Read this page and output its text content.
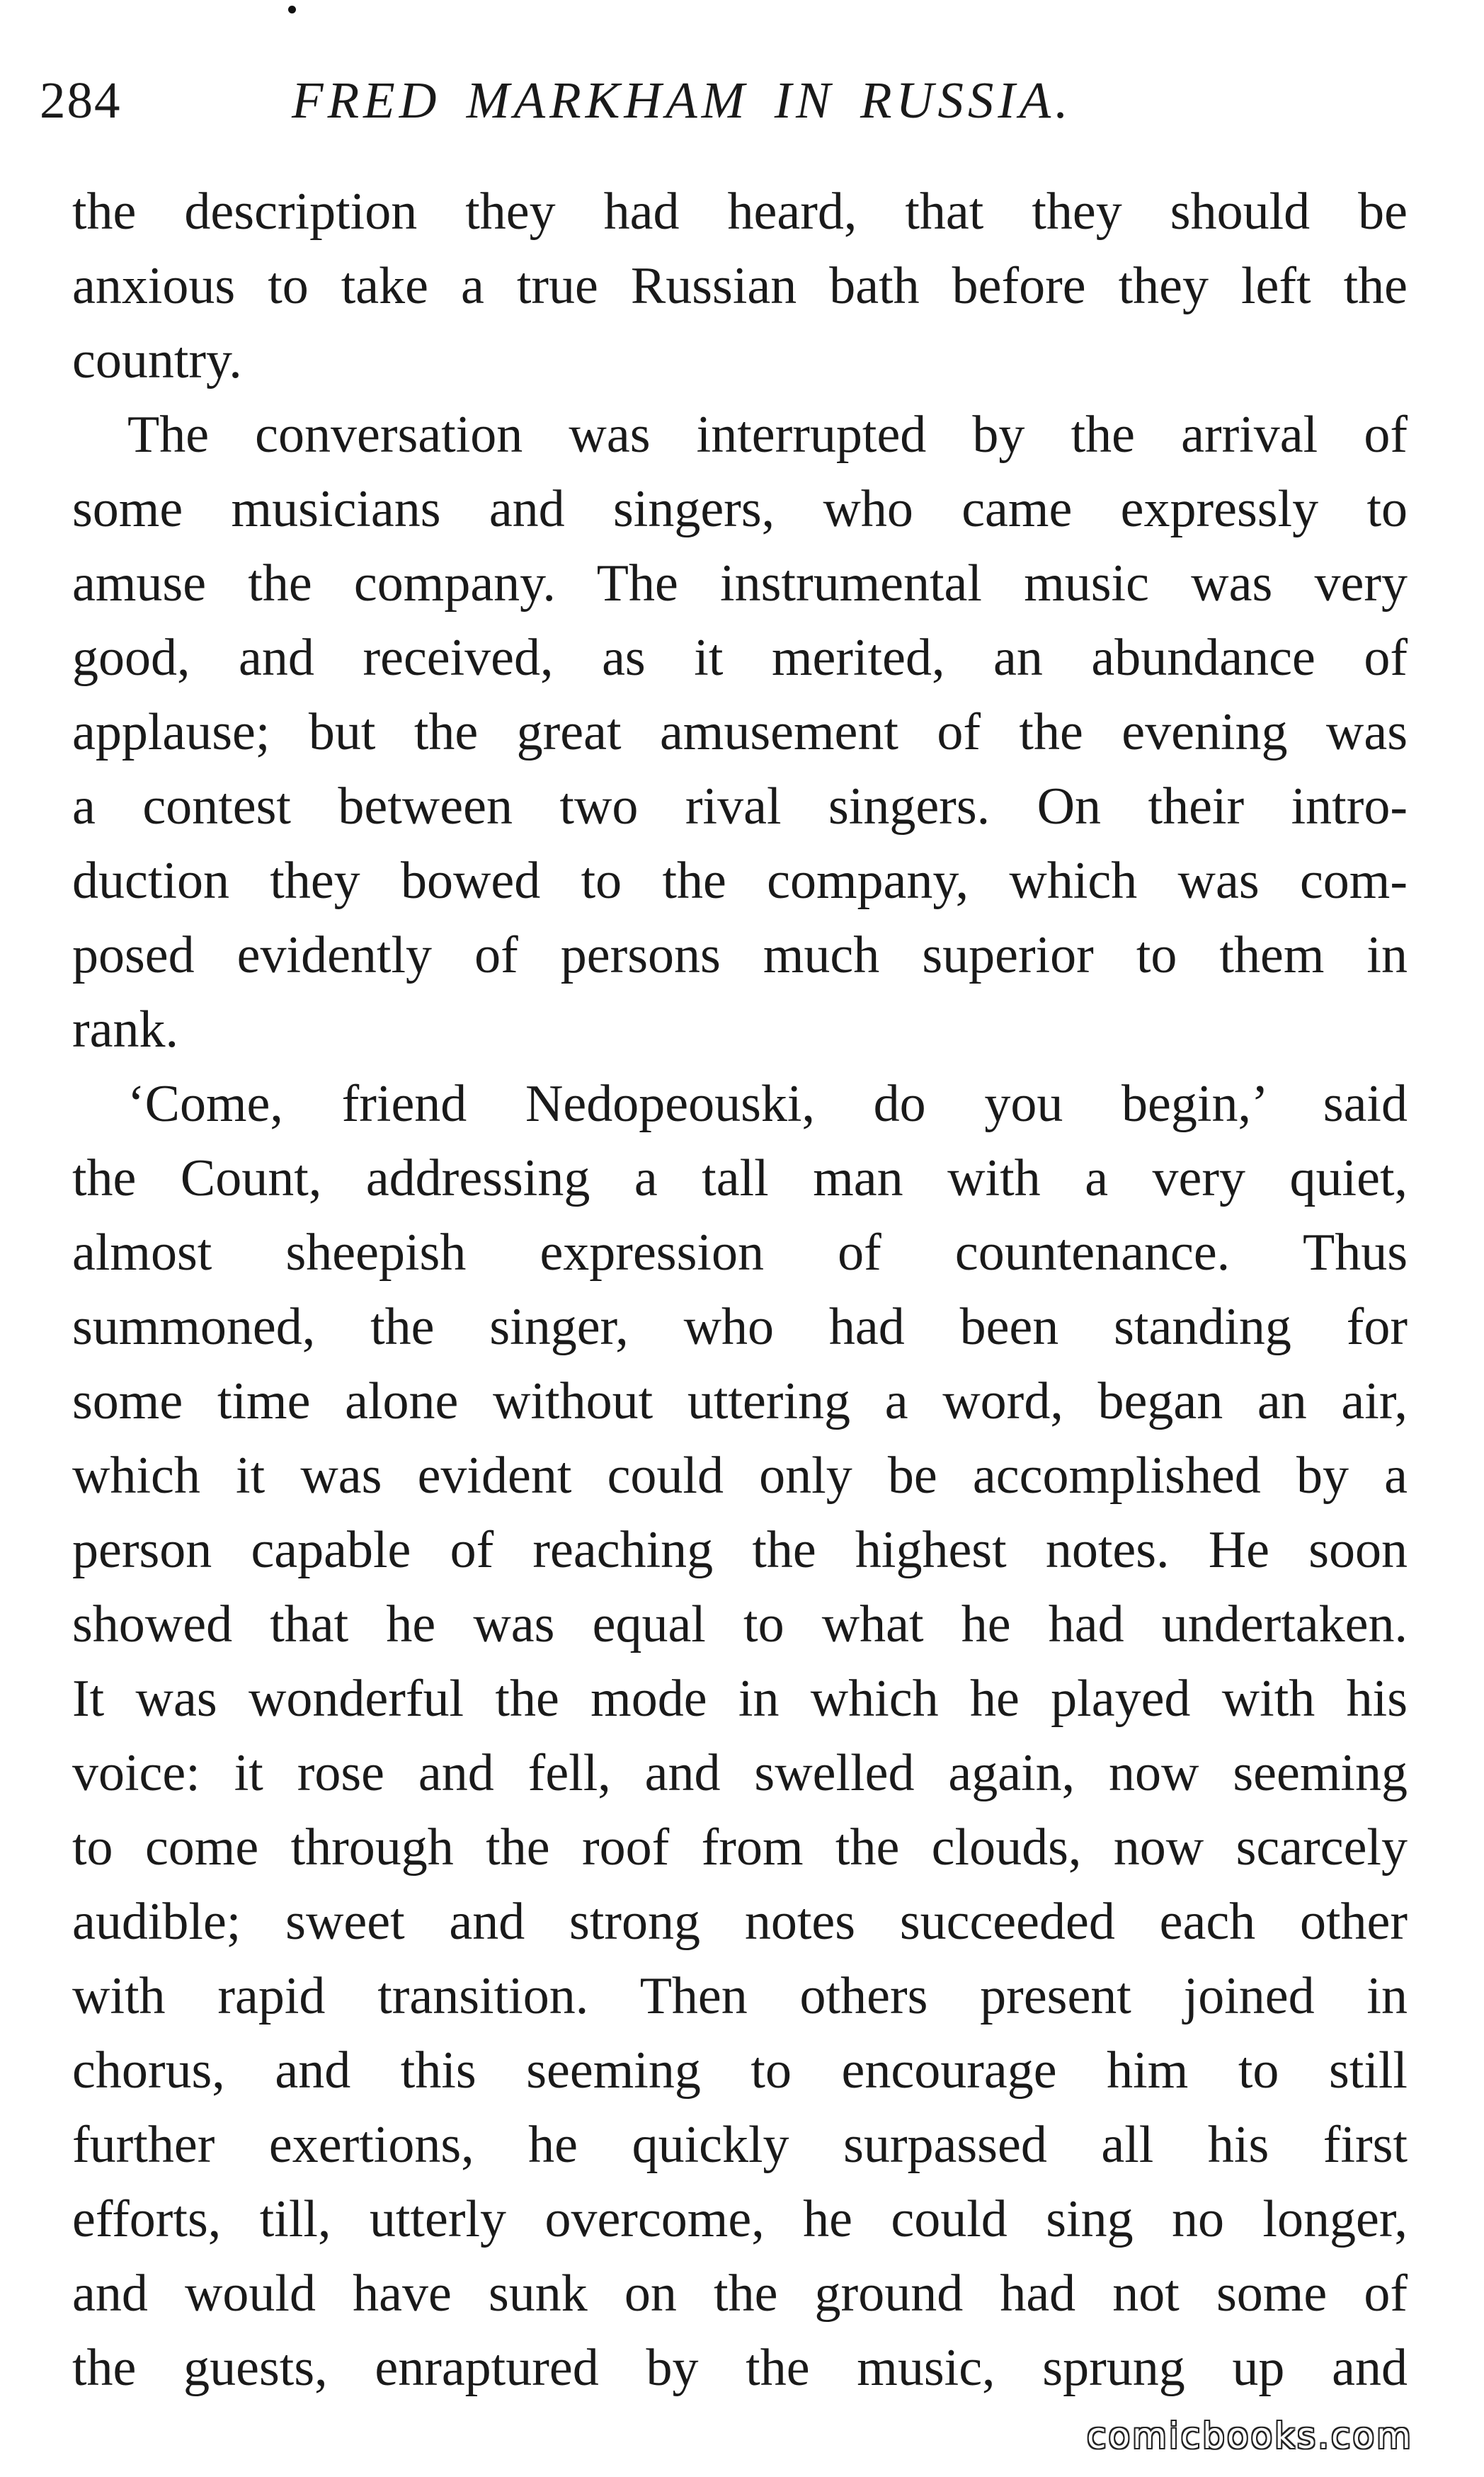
284	FRED MARKHAM IN RUSSIA.
the description they had heard, that they should be
anxious to take a true Russian bath before they left the
country.
The conversation was interrupted by the arrival of
some musicians and singers, who came expressly to
amuse the company. The instrumental music was very
good, and received, as it merited, an abundance of
applause; but the great amusement of the evening was
a contest between two rival singers. On their intro-
duction they bowed to the company, which was com-
posed evidently of persons much superior to them in
rank.
‘Come, friend Nedopeouski, do you begin,’ said
the Count, addressing a tall man with a very quiet,
almost sheepish expression of countenance. Thus
summoned, the singer, who had been standing for
some time alone without uttering a word, began an air,
which it was evident could only be accomplished by a
person capable of reaching the highest notes. He soon
showed that he was equal to what he had undertaken.
It was wonderful the mode in which he played with his
voice: it rose and fell, and swelled again, now seeming
to come through the roof from the clouds, now scarcely
audible; sweet and strong notes succeeded each other
with rapid transition. Then others present joined in
chorus, and this seeming to encourage him to still
further exertions, he quickly surpassed all his first
efforts, till, utterly overcome, he could sing no longer,
and would have sunk on the ground had not some of
the guests, enraptured by the music, sprung up and
comicbooks.com
